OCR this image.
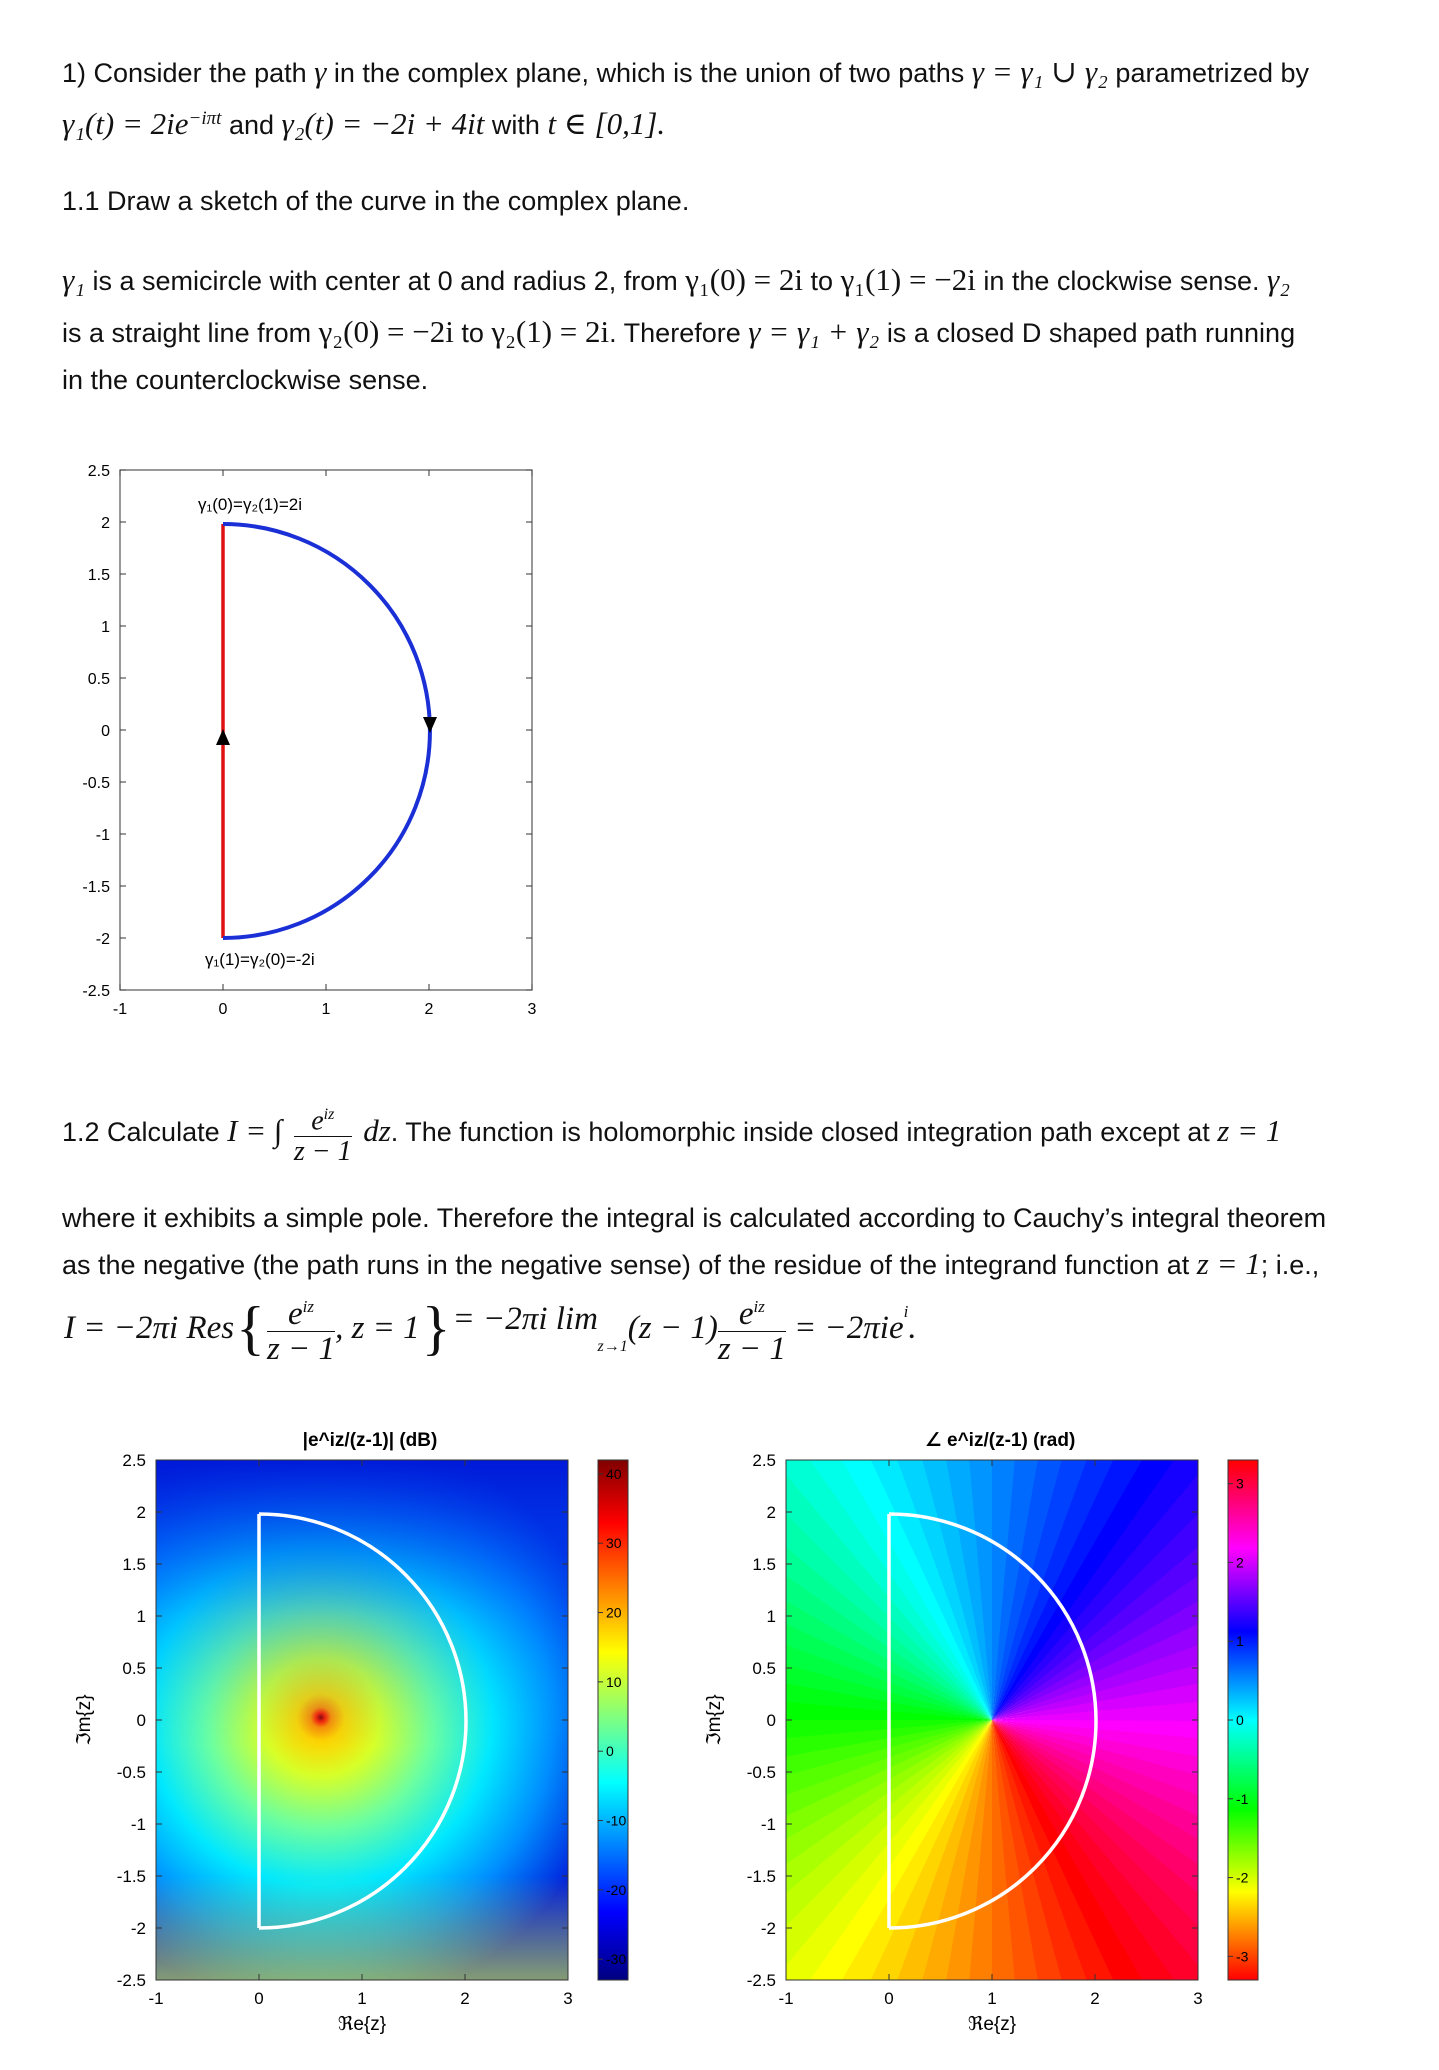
1) Consider the path γ in the complex plane, which is the union of two paths γ = γ₁ ∪ γ₂ parametrized by
$\gamma_1(t) = 2ie^{-i\pi t}$ and γ₂(t) = −2i + 4it with t ∈ [0,1].
1.1 Draw a sketch of the curve in the complex plane.
γ₁ is a semicircle with center at 0 and radius 2, from γ₁(0) = 2i to γ₁(1) = −2i in the clockwise sense. γ₂
is a straight line from γ₂(0) = −2i to γ₂(1) = 2i. Therefore γ = γ₁ + γ₂ is a closed D shaped path running
in the counterclockwise sense.
2.5
2
1.5
1
0.5
0
-0.5
-1
-1.5
-2
-2.5
-1	0	1	2	3
γ₁(0)=γ₂(1)=2i
γ₁(1)=γ₂(0)=-2i
1.2 Calculate I = ∫	$e^{iz}$
z − 1
dz. The function is holomorphic inside closed integration path except at z = 1
where it exhibits a simple pole. Therefore the integral is calculated according to Cauchy’s integral theorem
as the negative (the path runs in the negative sense) of the residue of the integrand function at z = 1; i.e.,
I = −2πi Res { $e^{iz}$
z − 1
, z = 1 } = −2πi lim
z→1
(z − 1) $e^{iz}$
z − 1
= −2πie$^i$ .
|e^iz/(z-1)| (dB)
2.5
2
1.5
1
0.5
0
-0.5
-1
-1.5
-2
-2.5
-1	0	1	2	3
ℑm{z}
ℜe{z}
40
30
20
10
0
-10
-20
-30
∠ e^iz/(z-1) (rad)
2.5
2
1.5
1
0.5
0
-0.5
-1
-1.5
-2
-2.5
-1	0	1	2	3
ℑm{z}
ℜe{z}
3
2
1
0
-1
-2
-3
